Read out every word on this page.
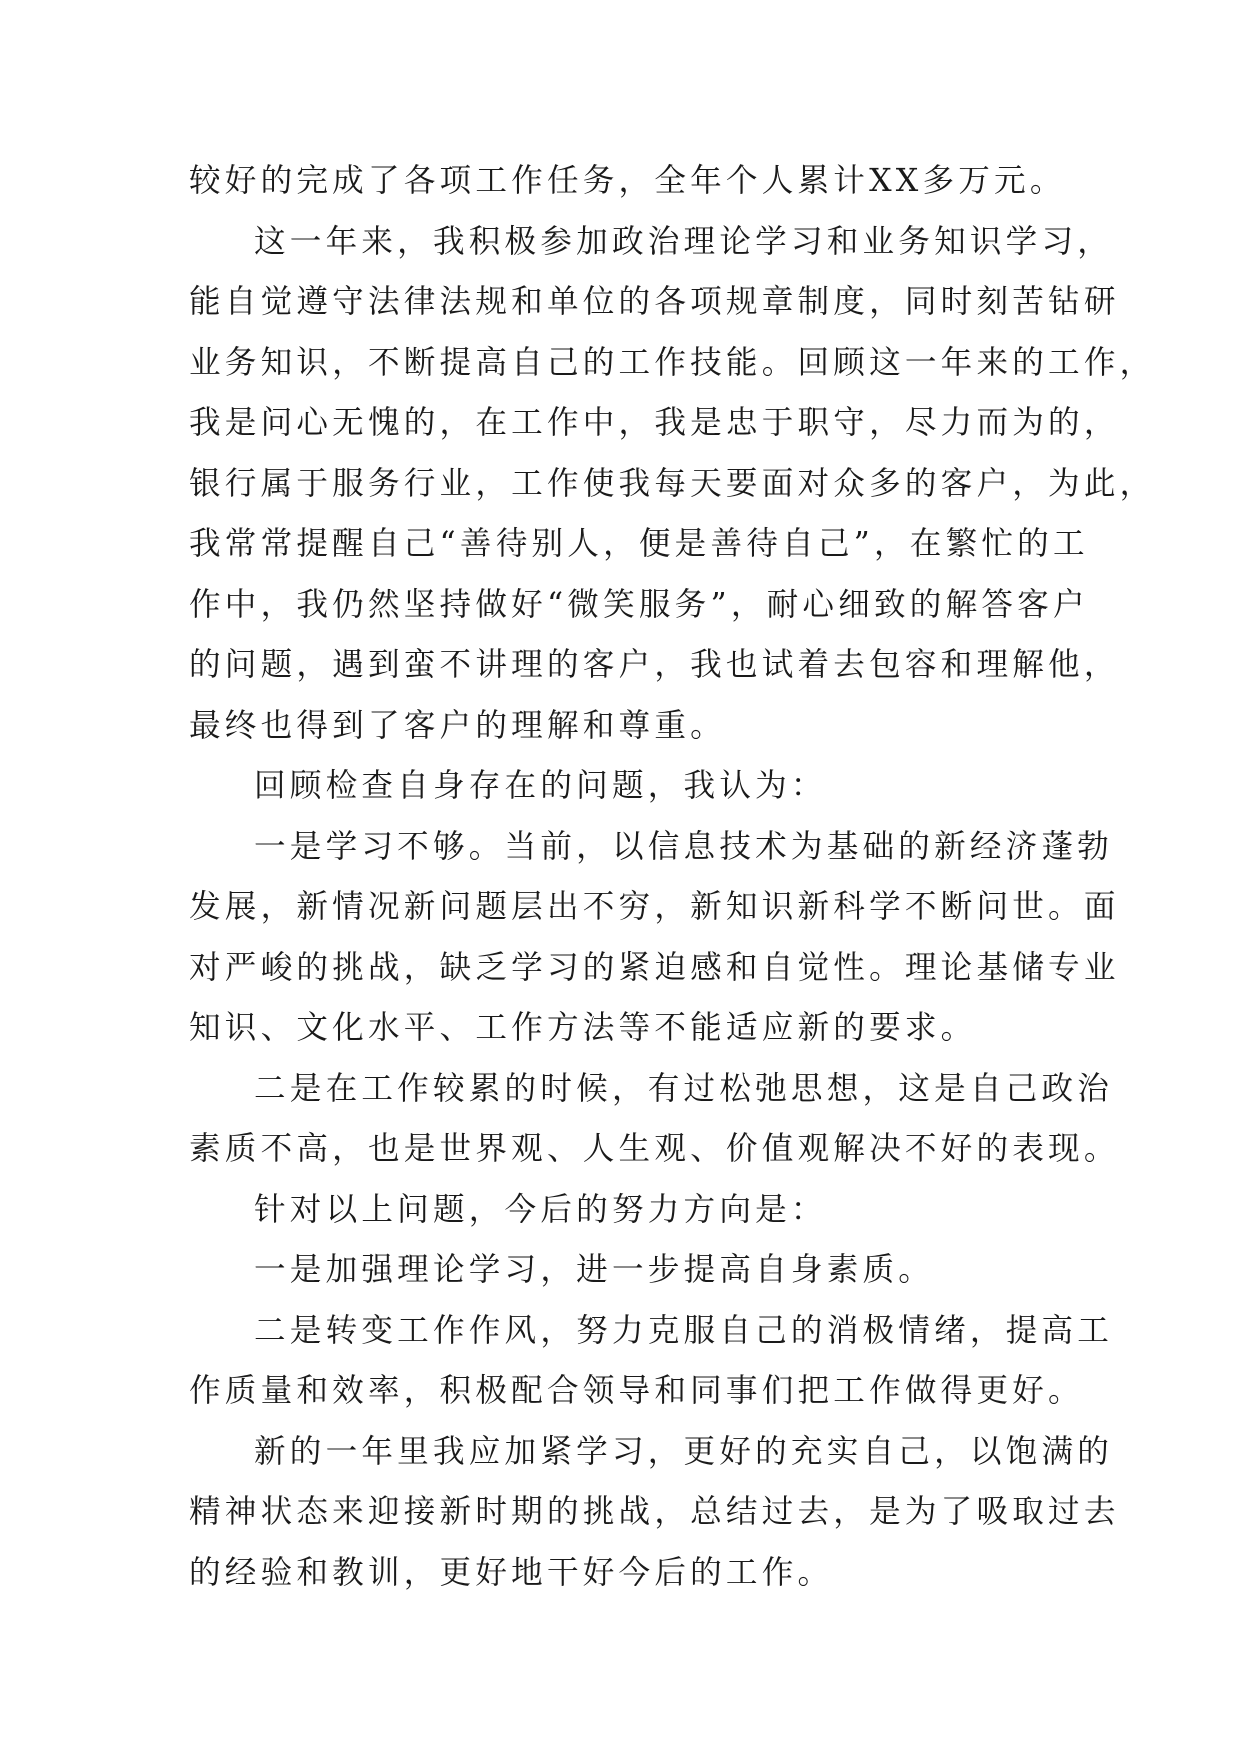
较好的完成了各项工作任务，全年个人累计XX多万元。
这一年来，我积极参加政治理论学习和业务知识学习，
能自觉遵守法律法规和单位的各项规章制度，同时刻苦钻研
业务知识，不断提高自己的工作技能。回顾这一年来的工作，
我是问心无愧的，在工作中，我是忠于职守，尽力而为的，
银行属于服务行业，工作使我每天要面对众多的客户，为此，
我常常提醒自己“善待别人，便是善待自己”，在繁忙的工
作中，我仍然坚持做好“微笑服务”，耐心细致的解答客户
的问题，遇到蛮不讲理的客户，我也试着去包容和理解他，
最终也得到了客户的理解和尊重。
回顾检查自身存在的问题，我认为：
一是学习不够。当前，以信息技术为基础的新经济蓬勃
发展，新情况新问题层出不穷，新知识新科学不断问世。面
对严峻的挑战，缺乏学习的紧迫感和自觉性。理论基储专业
知识、文化水平、工作方法等不能适应新的要求。
二是在工作较累的时候，有过松弛思想，这是自己政治
素质不高，也是世界观、人生观、价值观解决不好的表现。
针对以上问题，今后的努力方向是：
一是加强理论学习，进一步提高自身素质。
二是转变工作作风，努力克服自己的消极情绪，提高工
作质量和效率，积极配合领导和同事们把工作做得更好。
新的一年里我应加紧学习，更好的充实自己，以饱满的
精神状态来迎接新时期的挑战，总结过去，是为了吸取过去
的经验和教训，更好地干好今后的工作。
